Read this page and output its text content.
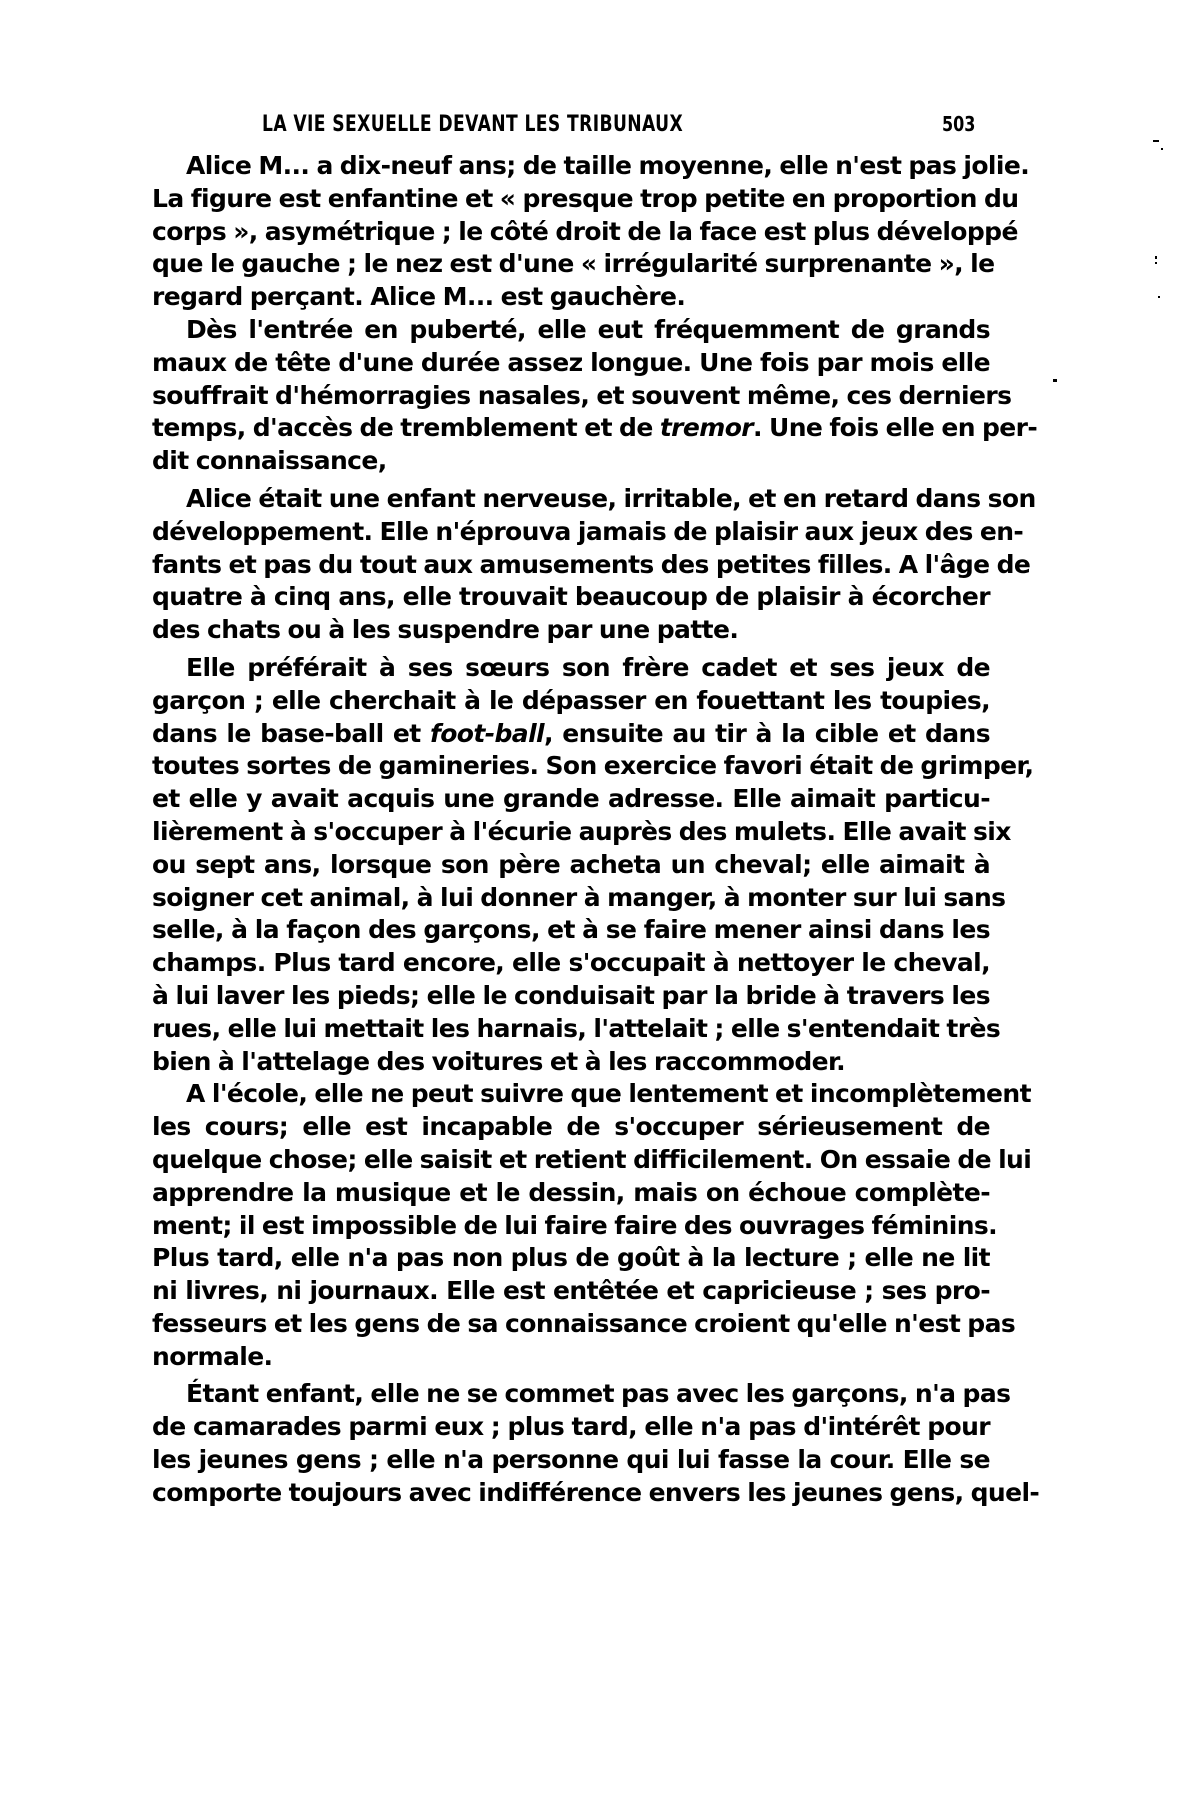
LA VIE SEXUELLE DEVANT LES TRIBUNAUX	503
Alice M... a dix-neuf ans; de taille moyenne, elle n'est pas jolie.
La figure est enfantine et « presque trop petite en proportion du
corps », asymétrique ; le côté droit de la face est plus développé
que le gauche ; le nez est d'une « irrégularité surprenante », le
regard perçant. Alice M... est gauchère.
Dès l'entrée en puberté, elle eut fréquemment de grands
maux de tête d'une durée assez longue. Une fois par mois elle
souffrait d'hémorragies nasales, et souvent même, ces derniers
temps, d'accès de tremblement et de tremor. Une fois elle en per-
dit connaissance,
Alice était une enfant nerveuse, irritable, et en retard dans son
développement. Elle n'éprouva jamais de plaisir aux jeux des en-
fants et pas du tout aux amusements des petites filles. A l'âge de
quatre à cinq ans, elle trouvait beaucoup de plaisir à écorcher
des chats ou à les suspendre par une patte.
Elle préférait à ses sœurs son frère cadet et ses jeux de
garçon ; elle cherchait à le dépasser en fouettant les toupies,
dans le base-ball et foot-ball, ensuite au tir à la cible et dans
toutes sortes de gamineries. Son exercice favori était de grimper,
et elle y avait acquis une grande adresse. Elle aimait particu-
lièrement à s'occuper à l'écurie auprès des mulets. Elle avait six
ou sept ans, lorsque son père acheta un cheval; elle aimait à
soigner cet animal, à lui donner à manger, à monter sur lui sans
selle, à la façon des garçons, et à se faire mener ainsi dans les
champs. Plus tard encore, elle s'occupait à nettoyer le cheval,
à lui laver les pieds; elle le conduisait par la bride à travers les
rues, elle lui mettait les harnais, l'attelait ; elle s'entendait très
bien à l'attelage des voitures et à les raccommoder.
A l'école, elle ne peut suivre que lentement et incomplètement
les cours; elle est incapable de s'occuper sérieusement de
quelque chose; elle saisit et retient difficilement. On essaie de lui
apprendre la musique et le dessin, mais on échoue complète-
ment; il est impossible de lui faire faire des ouvrages féminins.
Plus tard, elle n'a pas non plus de goût à la lecture ; elle ne lit
ni livres, ni journaux. Elle est entêtée et capricieuse ; ses pro-
fesseurs et les gens de sa connaissance croient qu'elle n'est pas
normale.
Étant enfant, elle ne se commet pas avec les garçons, n'a pas
de camarades parmi eux ; plus tard, elle n'a pas d'intérêt pour
les jeunes gens ; elle n'a personne qui lui fasse la cour. Elle se
comporte toujours avec indifférence envers les jeunes gens, quel-
